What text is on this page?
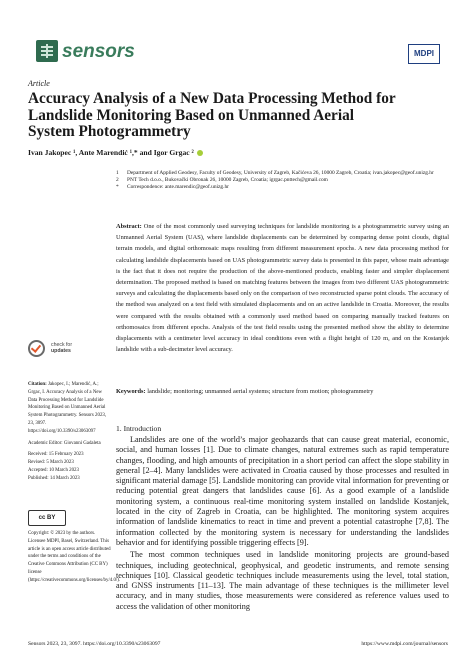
sensors	MDPI
Article
Accuracy Analysis of a New Data Processing Method for
Landslide Monitoring Based on Unmanned Aerial
System Photogrammetry
Ivan Jakopec ¹, Ante Marendić ¹,* and Igor Grgac ²
1	Department of Applied Geodesy, Faculty of Geodesy, University of Zagreb, Kačićeva 26, 10000 Zagreb, Croatia; ivan.jakopec@geof.unizg.hr
2	PNT Tech d.o.o., Bukovački Obronak 26, 10000 Zagreb, Croatia; igrgac.pnttech@gmail.com
*	Correspondence: ante.marendic@geof.unizg.hr
Abstract: One of the most commonly used surveying techniques for landslide monitoring is a photogrammetric survey using an Unmanned Aerial System (UAS), where landslide displacements can be determined by comparing dense point clouds, digital terrain models, and digital orthomosaic maps resulting from different measurement epochs. A new data processing method for calculating landslide displacements based on UAS photogrammetric survey data is presented in this paper, whose main advantage is the fact that it does not require the production of the above-mentioned products, enabling faster and simpler displacement determination. The proposed method is based on matching features between the images from two different UAS photogrammetric surveys and calculating the displacements based only on the comparison of two reconstructed sparse point clouds. The accuracy of the method was analyzed on a test field with simulated displacements and on an active landslide in Croatia. Moreover, the results were compared with the results obtained with a commonly used method based on comparing manually tracked features on orthomosaics from different epochs. Analysis of the test field results using the presented method show the ability to determine displacements with a centimeter level accuracy in ideal conditions even with a flight height of 120 m, and on the Kostanjek landslide with a sub-decimeter level accuracy.
Keywords: landslide; monitoring; unmanned aerial systems; structure from motion; photogrammetry
check for
updates

Citation: Jakopec, I.; Marendić, A.; Grgac, I. Accuracy Analysis of a New Data Processing Method for Landslide Monitoring Based on Unmanned Aerial System Photogrammetry. Sensors 2023, 23, 3097. https://doi.org/10.3390/s23063097

Academic Editor: Giovanni Gadaleta

Received: 15 February 2023
Revised: 5 March 2023
Accepted: 10 March 2023
Published: 14 March 2023

cc BY
Copyright: © 2023 by the authors. Licensee MDPI, Basel, Switzerland. This article is an open access article distributed under the terms and conditions of the Creative Commons Attribution (CC BY) license (https://creativecommons.org/licenses/by/4.0/).
1. Introduction

Landslides are one of the world’s major geohazards that can cause great material, economic, social, and human losses [1]. Due to climate changes, natural extremes such as rapid temperature changes, flooding, and high amounts of precipitation in a short period can affect the slope stability in general [2–4]. Many landslides were activated in Croatia caused by those processes and resulted in significant material damage [5]. Landslide monitoring can provide vital information for preventing or reducing potential great dangers that landslides cause [6]. As a good example of a landslide monitoring system, a continuous real-time monitoring system installed on landslide Kostanjek, located in the city of Zagreb in Croatia, can be highlighted. The monitoring system acquires information of landslide kinematics to react in time and prevent a potential catastrophe [7,8]. The information collected by the monitoring system is necessary for understanding the landslides behavior and for identifying possible triggering effects [9].

The most common techniques used in landslide monitoring projects are ground-based techniques, including geotechnical, geophysical, and geodetic instruments, and remote sensing techniques [10]. Classical geodetic techniques include measurements using the level, total station, and GNSS instruments [11–13]. The main advantage of these techniques is the millimeter level accuracy, and in many studies, those measurements were considered as reference values used to access the validation of other monitoring

Sensors 2023, 23, 3097. https://doi.org/10.3390/s23063097	https://www.mdpi.com/journal/sensors
